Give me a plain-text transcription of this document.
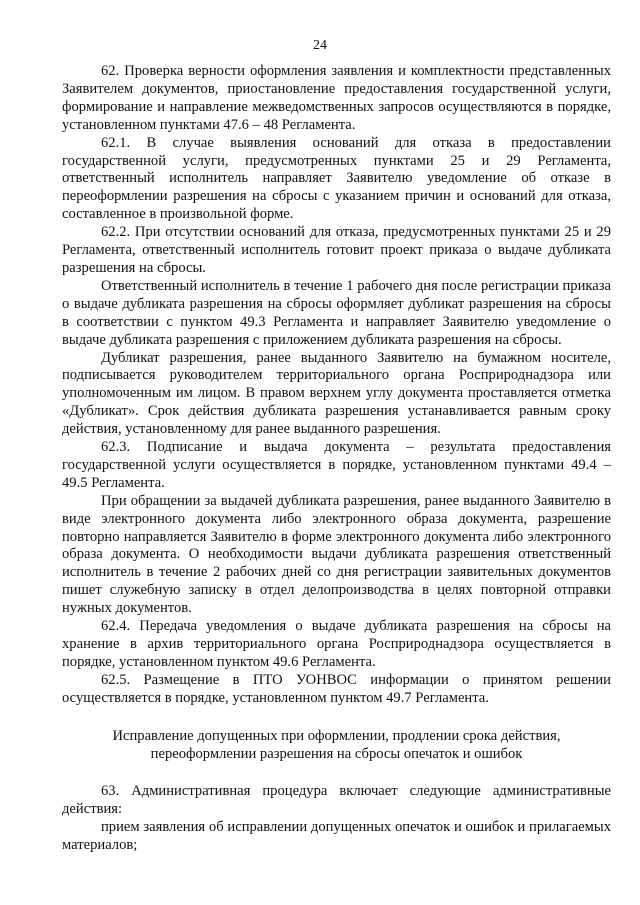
24

62. Проверка верности оформления заявления и комплектности представленных Заявителем документов, приостановление предоставления государственной услуги, формирование и направление межведомственных запросов осуществляются в порядке, установленном пунктами 47.6 – 48 Регламента.

62.1. В случае выявления оснований для отказа в предоставлении государственной услуги, предусмотренных пунктами 25 и 29 Регламента, ответственный исполнитель направляет Заявителю уведомление об отказе в переоформлении разрешения на сбросы с указанием причин и оснований для отказа, составленное в произвольной форме.

62.2. При отсутствии оснований для отказа, предусмотренных пунктами 25 и 29 Регламента, ответственный исполнитель готовит проект приказа о выдаче дубликата разрешения на сбросы.

Ответственный исполнитель в течение 1 рабочего дня после регистрации приказа о выдаче дубликата разрешения на сбросы оформляет дубликат разрешения на сбросы в соответствии с пунктом 49.3 Регламента и направляет Заявителю уведомление о выдаче дубликата разрешения с приложением дубликата разрешения на сбросы.

Дубликат разрешения, ранее выданного Заявителю на бумажном носителе, подписывается руководителем территориального органа Росприроднадзора или уполномоченным им лицом. В правом верхнем углу документа проставляется отметка «Дубликат». Срок действия дубликата разрешения устанавливается равным сроку действия, установленному для ранее выданного разрешения.

62.3. Подписание и выдача документа – результата предоставления государственной услуги осуществляется в порядке, установленном пунктами 49.4 – 49.5 Регламента.

При обращении за выдачей дубликата разрешения, ранее выданного Заявителю в виде электронного документа либо электронного образа документа, разрешение повторно направляется Заявителю в форме электронного документа либо электронного образа документа. О необходимости выдачи дубликата разрешения ответственный исполнитель в течение 2 рабочих дней со дня регистрации заявительных документов пишет служебную записку в отдел делопроизводства в целях повторной отправки нужных документов.

62.4. Передача уведомления о выдаче дубликата разрешения на сбросы на хранение в архив территориального органа Росприроднадзора осуществляется в порядке, установленном пунктом 49.6 Регламента.

62.5. Размещение в ПТО УОНВОС информации о принятом решении осуществляется в порядке, установленном пунктом 49.7 Регламента.

Исправление допущенных при оформлении, продлении срока действия,
переоформлении разрешения на сбросы опечаток и ошибок

63. Административная процедура включает следующие административные действия:

прием заявления об исправлении допущенных опечаток и ошибок и прилагаемых материалов;
